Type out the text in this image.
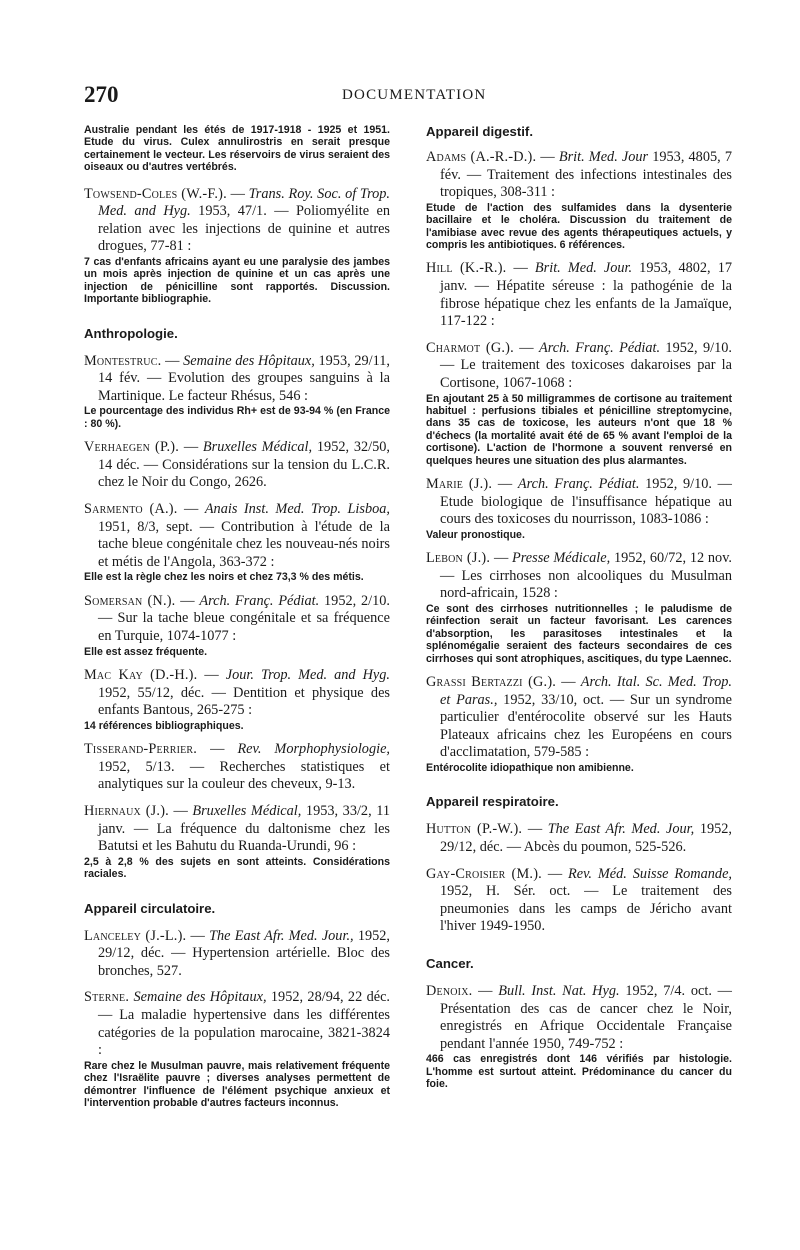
270	DOCUMENTATION
Australie pendant les étés de 1917-1918 - 1925 et 1951. Etude du virus. Culex annulirostris en serait presque certainement le vecteur. Les réservoirs de virus seraient des oiseaux ou d'autres vertébrés.
Towsend-Coles (W.-F.). — Trans. Roy. Soc. of Trop. Med. and Hyg. 1953, 47/1. — Poliomyélite en relation avec les injections de quinine et autres drogues, 77-81 :
7 cas d'enfants africains ayant eu une paralysie des jambes un mois après injection de quinine et un cas après une injection de pénicilline sont rapportés. Discussion. Importante bibliographie.
Anthropologie.
Montestruc. — Semaine des Hôpitaux, 1953, 29/11, 14 fév. — Evolution des groupes sanguins à la Martinique. Le facteur Rhésus, 546 :
Le pourcentage des individus Rh+ est de 93-94 % (en France : 80 %).
Verhaegen (P.). — Bruxelles Médical, 1952, 32/50, 14 déc. — Considérations sur la tension du L.C.R. chez le Noir du Congo, 2626.
Sarmento (A.). — Anais Inst. Med. Trop. Lisboa, 1951, 8/3, sept. — Contribution à l'étude de la tache bleue congénitale chez les nouveau-nés noirs et métis de l'Angola, 363-372 :
Elle est la règle chez les noirs et chez 73,3 % des métis.
Somersan (N.). — Arch. Franç. Pédiat. 1952, 2/10. — Sur la tache bleue congénitale et sa fréquence en Turquie, 1074-1077 :
Elle est assez fréquente.
Mac Kay (D.-H.). — Jour. Trop. Med. and Hyg. 1952, 55/12, déc. — Dentition et physique des enfants Bantous, 265-275 :
14 références bibliographiques.
Tisserand-Perrier. — Rev. Morphophysiologie, 1952, 5/13. — Recherches statistiques et analytiques sur la couleur des cheveux, 9-13.
Hiernaux (J.). — Bruxelles Médical, 1953, 33/2, 11 janv. — La fréquence du daltonisme chez les Batutsi et les Bahutu du Ruanda-Urundi, 96 :
2,5 à 2,8 % des sujets en sont atteints. Considérations raciales.
Appareil circulatoire.
Lanceley (J.-L.). — The East Afr. Med. Jour., 1952, 29/12, déc. — Hypertension artérielle. Bloc des bronches, 527.
Sterne. Semaine des Hôpitaux, 1952, 28/94, 22 déc. — La maladie hypertensive dans les différentes catégories de la population marocaine, 3821-3824 :
Rare chez le Musulman pauvre, mais relativement fréquente chez l'Israëlite pauvre ; diverses analyses permettent de démontrer l'influence de l'élément psychique anxieux et l'intervention probable d'autres facteurs inconnus.
Appareil digestif.
Adams (A.-R.-D.). — Brit. Med. Jour 1953, 4805, 7 fév. — Traitement des infections intestinales des tropiques, 308-311 :
Etude de l'action des sulfamides dans la dysenterie bacillaire et le choléra. Discussion du traitement de l'amibiase avec revue des agents thérapeutiques actuels, y compris les antibiotiques. 6 références.
Hill (K.-R.). — Brit. Med. Jour. 1953, 4802, 17 janv. — Hépatite séreuse : la pathogénie de la fibrose hépatique chez les enfants de la Jamaïque, 117-122 :
Charmot (G.). — Arch. Franç. Pédiat. 1952, 9/10. — Le traitement des toxicoses dakaroises par la Cortisone, 1067-1068 :
En ajoutant 25 à 50 milligrammes de cortisone au traitement habituel : perfusions tibiales et pénicilline streptomycine, dans 35 cas de toxicose, les auteurs n'ont que 18 % d'échecs (la mortalité avait été de 65 % avant l'emploi de la cortisone). L'action de l'hormone a souvent renversé en quelques heures une situation des plus alarmantes.
Marie (J.). — Arch. Franç. Pédiat. 1952, 9/10. — Etude biologique de l'insuffisance hépatique au cours des toxicoses du nourrisson, 1083-1086 :
Valeur pronostique.
Lebon (J.). — Presse Médicale, 1952, 60/72, 12 nov. — Les cirrhoses non alcooliques du Musulman nord-africain, 1528 :
Ce sont des cirrhoses nutritionnelles ; le paludisme de réinfection serait un facteur favorisant. Les carences d'absorption, les parasitoses intestinales et la splénomégalie seraient des facteurs secondaires de ces cirrhoses qui sont atrophiques, ascitiques, du type Laennec.
Grassi Bertazzi (G.). — Arch. Ital. Sc. Med. Trop. et Paras., 1952, 33/10, oct. — Sur un syndrome particulier d'entérocolite observé sur les Hauts Plateaux africains chez les Européens en cours d'acclimatation, 579-585 :
Entérocolite idiopathique non amibienne.
Appareil respiratoire.
Hutton (P.-W.). — The East Afr. Med. Jour, 1952, 29/12, déc. — Abcès du poumon, 525-526.
Gay-Croisier (M.). — Rev. Méd. Suisse Romande, 1952, H. Sér. oct. — Le traitement des pneumonies dans les camps de Jéricho avant l'hiver 1949-1950.
Cancer.
Denoix. — Bull. Inst. Nat. Hyg. 1952, 7/4. oct. — Présentation des cas de cancer chez le Noir, enregistrés en Afrique Occidentale Française pendant l'année 1950, 749-752 :
466 cas enregistrés dont 146 vérifiés par histologie. L'homme est surtout atteint. Prédominance du cancer du foie.
